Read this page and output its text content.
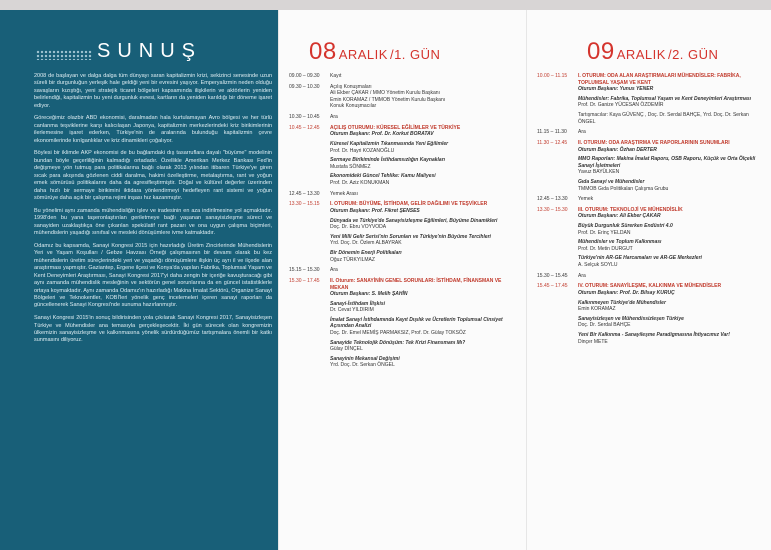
SUNUŞ

2008 de başlayan ve dalga dalga tüm dünyayı saran kapitalizmin krizi, sekizinci senesinde uzun süreli bir durgunluğun yerleşik hale geldiği yeni bir evresini yaşıyor. Emperyalizmin neden olduğu savaşların kızıştığı, yeni stratejik ticaret bölgeleri kapsamında ilişkilerin ve aktörlerin yeniden belirlendiği, kapitalizmin bu yeni durgunluk evresi, kartların da yeniden karıldığı bir döneme işaret ediyor.

Göreceğimiz olazbir ABD ekonomisi, daralmadan hala kurtulamayan Avro bölgesi ve her türlü canlanma teşviklerine karşı kalıcılaşan Japonya, kapitalizmin merkezlerindeki kriz birikimlerinin ilerlemesine işaret ederken, Türkiye'nin de aralarında bulunduğu kapitalizmin çevre ekonomilerinde kırılganlıklar ve kriz dinamikleri çoğalıyor.

Böylesi bir iklimde AKP ekonomisi de bu bağlamdaki dış tasarruflara dayalı "büyüme" modelinin bundan böyle geçerliliğinin kalmadığı ortadadır. Özellikle Amerikan Merkez Bankası Fed'in değişmeye yön tutmuş para politikalarına bağlı olarak 2013 yılından itibaren Türkiye'ye giren sıcak para akışında gözlenen ciddi daralma, hakimi özelleştirme, metalaştırma, rant ve yoğun emek sömürüsü politikalarını daha da agresifleştirmiştir. Doğal ve kültürel değerler üzerinden daha hızlı bir sermaye birikimini iktidara yönlendirmeyi hedefleyen rant sistemi ve yoğun sömürüye daha açık bir çalışma rejimi inşası hız kazanmıştır.

Bu yönelimi aynı zamanda mühendisliğin işlev ve iradesinin en aza indirilmesine yol açmaktadır. 1998'den bu yana taşeronlaştırılan geriletmeye bağlı yaşanan sanayisizleşme süreci ve sanayiden uzaklaştıkça öne çıkarılan spekülatif rant pazarı ve ona uygun çalışma biçimleri, mühendislerin yaşadığı sınıfsal ve mesleki dönüşümlere ivme katmaktadır.

Odamız bu kapsamda, Sanayi Kongresi 2015 için hazırladığı Üretim Zincirlerinde Mühendislerin Yeri ve Yaşam Koşulları / Gebze Havzası Örneği çalışmasının bir devamı olarak bu kez mühendislerin üretim süreçlerindeki yeri ve yaşadığı dönüşümlere ilişkin üç ayrı il ve ilçede alan araştırması yapmıştır. Gaziantep, Ergene ilçesi ve Konya'da yapılan Fabrika, Toplumsal Yaşam ve Kent Deneyimleri Araştırması, Sanayi Kongresi 2017'yi daha zengin bir içeriğe kavuşturacağı gibi aynı zamanda mühendislik mesleğinin ve sektörün genel sorunlarına da en güncel istatistiklerle ortaya koymaktadır. Aynı zamanda Odamız'ın hazırladığı Makina İmalat Sektörü, Organize Sanayi Bölgeleri ve Teknokentler, KOBİ'leri yönelik genç incelemeleri içeren sanayi raporları da güncellenerek Sanayi Kongresi'nde sunuma hazırlanmıştır.

Sanayi Kongresi 2015'in sonuç bildirisinden yola çıkılarak Sanayi Kongresi 2017, Sanayisizleşen Türkiye ve Mühendisler ana temasıyla gerçekleşecektir. İki gün sürecek olan kongremizin ülkemizin sanayisizleşme ve kalkınmasına yönelik sürdürdüğümüz tartışmalara önemli bir katkı sunmasını diliyoruz.

08 ARALIK /1. GÜN
09.00 – 09.30	Kayıt
09.30 – 10.30	Açılış Konuşmaları
Ali Ekber ÇAKAR / MMO Yönetim Kurulu Başkanı
Emin KORAMAZ / TMMOB Yönetim Kurulu Başkanı
Konuk Konuşmacılar
10.30 – 10.45	Ara
10.45 – 12.45	AÇILIŞ OTURUMU: KÜRESEL EĞİLİMLER VE TÜRKİYE
Oturum Başkanı: Prof. Dr. Korkut BORATAV
Küresel Kapitalizmin Tıkanmasında Yeni Eğilimler
Prof. Dr. Hayri KOZANOĞLU
Sermaye Birikiminde İstihdamsızlığın Kaynakları
Mustafa SÖNMEZ
Ekonomideki Güncel Tehlike: Kamu Maliyesi
Prof. Dr. Aziz KONUKMAN
12.45 – 13.30	Yemek Arası
13.30 – 15.15	I. OTURUM: BÜYÜME, İSTİHDAM, GELİR DAĞILIMI VE TEŞVİKLER
Oturum Başkanı: Prof. Fikret ŞENSES
Dünyada ve Türkiye'de Sanayisizleşme Eğilimleri, Büyüme Dinamikleri
Doç. Dr. Ebru VOYVODA
Yeni Milli Gelir Serisi'nin Sorunları ve Türkiye'nin Büyüme Tercihleri
Yrd. Doç. Dr. Özlem ALBAYRAK
Bir Dönemin Enerji Politikaları
Oğuz TÜRKYILMAZ
15.15 – 15.30	Ara
15.30 – 17.45	II. Oturum: SANAYİNİN GENEL SORUNLARI: İSTİHDAM, FİNANSMAN VE MEKAN
Oturum Başkanı: S. Melih ŞAHİN
Sanayi-İstihdam İlişkisi
Dr. Cevat YILDIRIM
İmalat Sanayi İstihdamında Kayıt Dışılık ve Ücretlerin Toplumsal Cinsiyet Açısından Analizi
Doç. Dr. Emel MEMİŞ PARMAKSIZ, Prof. Dr. Gülay TOKSÖZ
Sanayide Teknolojik Dönüşüm: Tek Krizi Finansmanı Mı?
Gülay DİNÇEL
Sanayinin Mekansal Değişimi
Yrd. Doç. Dr. Serkan ÖNGEL
09 ARALIK /2. GÜN
10.00 – 11.15	I. OTURUM: ODA ALAN ARAŞTIRMALARI MÜHENDİSLER: FABRİKA, TOPLUMSAL YAŞAM VE KENT
Oturum Başkanı: Yunus YENER
Mühendisler: Fabrika, Toplumsal Yaşam ve Kent Deneyimleri Araştırması
Prof. Dr. Ganize YÜCESAN ÖZDEMİR
Tartışmacılar: Kaya GÜVENÇ , Doç. Dr. Serdal BAHÇE, Yrd. Doç. Dr. Serkan ÖNGEL
11.15 – 11.30	Ara
11.30 – 12.45	II. OTURUM: ODA ARAŞTIRMA VE RAPORLARININ SUNUMLARI
Oturum Başkanı: Özhan DERTER
MMO Raporları: Makina İmalat Raporu, OSB Raporu, Küçük ve Orta Ölçekli Sanayi İşletmeleri
Yavuz BAYÜLKEN
Gıda Sanayi ve Mühendisler
TMMOB Gıda Politikaları Çalışma Grubu
12.45 – 13.30	Yemek
13.30 – 15.30	III. OTURUM: TEKNOLOJİ VE MÜHENDİSLİK
Oturum Başkanı: Ali Ekber ÇAKAR
Büyük Durgunluk Sürerken Endüstri 4.0
Prof. Dr. Erinç YELDAN
Mühendisler ve Toplum Kalkınması
Prof. Dr. Metin DURGUT
Türkiye'nin AR-GE Harcamaları ve AR-GE Merkezleri
A. Selçuk SOYLU
15.30 – 15.45	Ara
15.45 – 17.45	IV. OTURUM: SANAYİLEŞME, KALKINMA VE MÜHENDİSLER
Oturum Başkanı: Prof. Dr. Bilsay KURUÇ
Kalkınmeyen Türkiye'de Mühendisler
Emin KORAMAZ
Sanayisizleşen ve Mühendissizleşen Türkiye
Doç. Dr. Serdal BAHÇE
Yeni Bir Kalkınma - Sanayileşme Paradigmasına İhtiyacımız Var!
Dinçer METE
